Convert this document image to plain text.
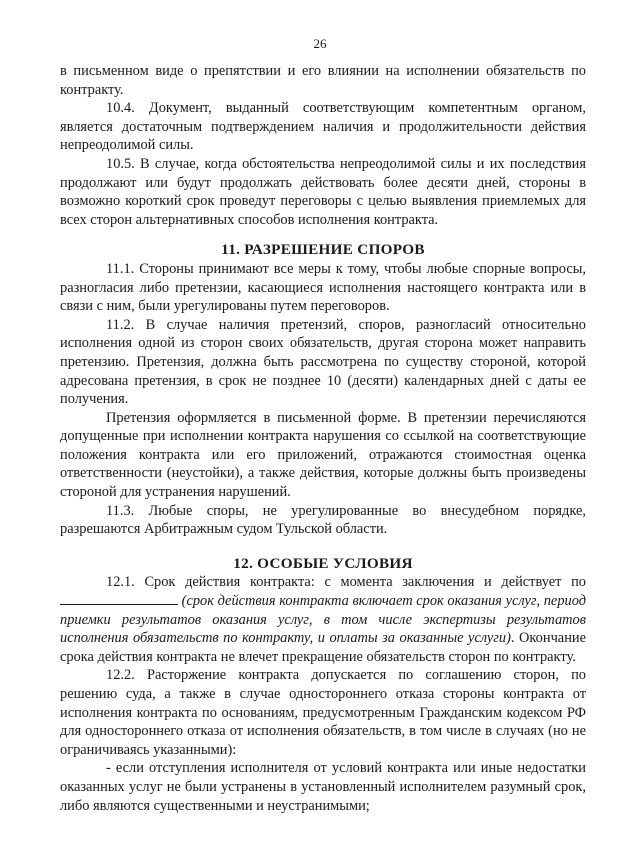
26

в письменном виде о препятствии и его влиянии на исполнении обязательств по контракту.

10.4. Документ, выданный соответствующим компетентным органом, является достаточным подтверждением наличия и продолжительности действия непреодолимой силы.

10.5. В случае, когда обстоятельства непреодолимой силы и их последствия продолжают или будут продолжать действовать более десяти дней, стороны в возможно короткий срок проведут переговоры с целью выявления приемлемых для всех сторон альтернативных способов исполнения контракта.

11. РАЗРЕШЕНИЕ СПОРОВ

11.1. Стороны принимают все меры к тому, чтобы любые спорные вопросы, разногласия либо претензии, касающиеся исполнения настоящего контракта или в связи с ним, были урегулированы путем переговоров.

11.2. В случае наличия претензий, споров, разногласий относительно исполнения одной из сторон своих обязательств, другая сторона может направить претензию. Претензия, должна быть рассмотрена по существу стороной, которой адресована претензия, в срок не позднее 10 (десяти) календарных дней с даты ее получения.

Претензия оформляется в письменной форме. В претензии перечисляются допущенные при исполнении контракта нарушения со ссылкой на соответствующие положения контракта или его приложений, отражаются стоимостная оценка ответственности (неустойки), а также действия, которые должны быть произведены стороной для устранения нарушений.

11.3. Любые споры, не урегулированные во внесудебном порядке, разрешаются Арбитражным судом Тульской области.

12. ОСОБЫЕ УСЛОВИЯ

12.1. Срок действия контракта: с момента заключения и действует по  (срок действия контракта включает срок оказания услуг, период приемки результатов оказания услуг, в том числе экспертизы результатов исполнения обязательств по контракту, и оплаты за оказанные услуги). Окончание срока действия контракта не влечет прекращение обязательств сторон по контракту.

12.2. Расторжение контракта допускается по соглашению сторон, по решению суда, а также в случае одностороннего отказа стороны контракта от исполнения контракта по основаниям, предусмотренным Гражданским кодексом РФ для одностороннего отказа от исполнения обязательств, в том числе в случаях (но не ограничиваясь указанными):

- если отступления исполнителя от условий контракта или иные недостатки оказанных услуг не были устранены в установленный исполнителем разумный срок, либо являются существенными и неустранимыми;
